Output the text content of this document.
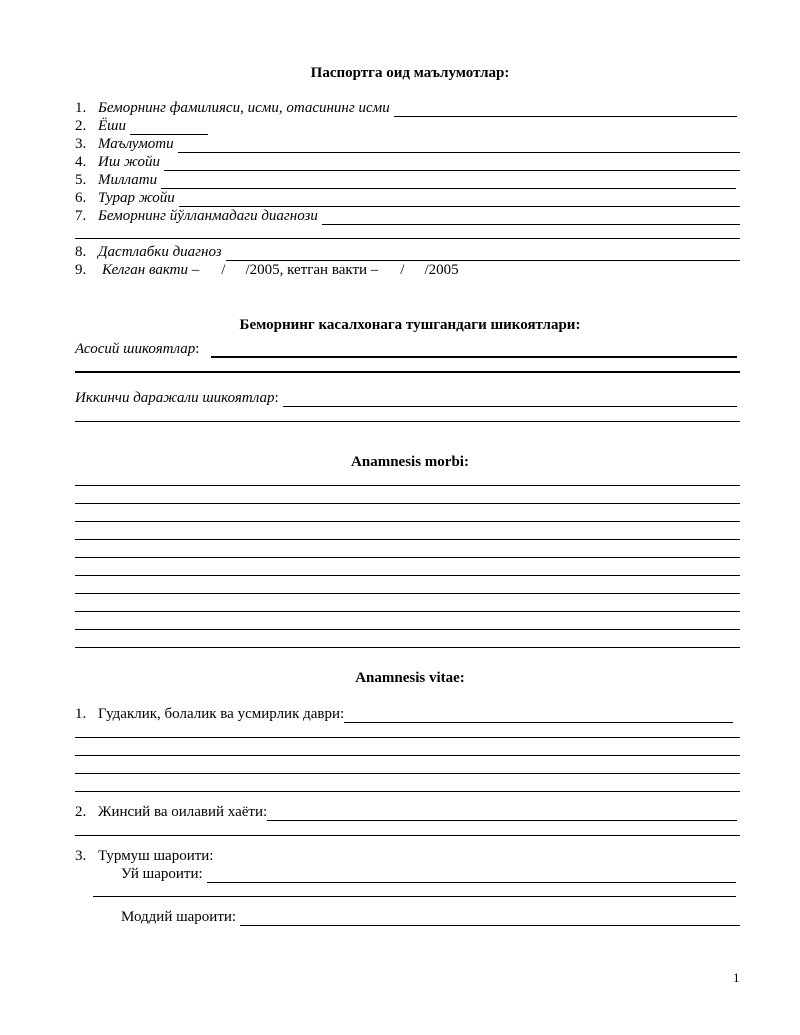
Паспортга оид маълумотлар:
1. Беморнинг фамилияси, исми, отасининг исми
2. Ёши
3. Маълумоти
4. Иш жойи
5. Миллати
6. Турар жойи
7. Беморнинг йўлланмадаги диагнози
8. Дастлабки диагноз
9.	Келган вакти – / /2005, кетган вакти – / /2005
Беморнинг касалхонага тушгандаги шикоятлари:
Асосий шикоятлар :
Иккинчи даражали шикоятлар :
Anamnesis morbi:
Anamnesis vitae:
1. Гудаклик, болалик ва усмирлик даври:
2. Жинсий ва оилавий хаёти:
3. Турмуш шароити:
Уй шароити:
Моддий шароити:
1
